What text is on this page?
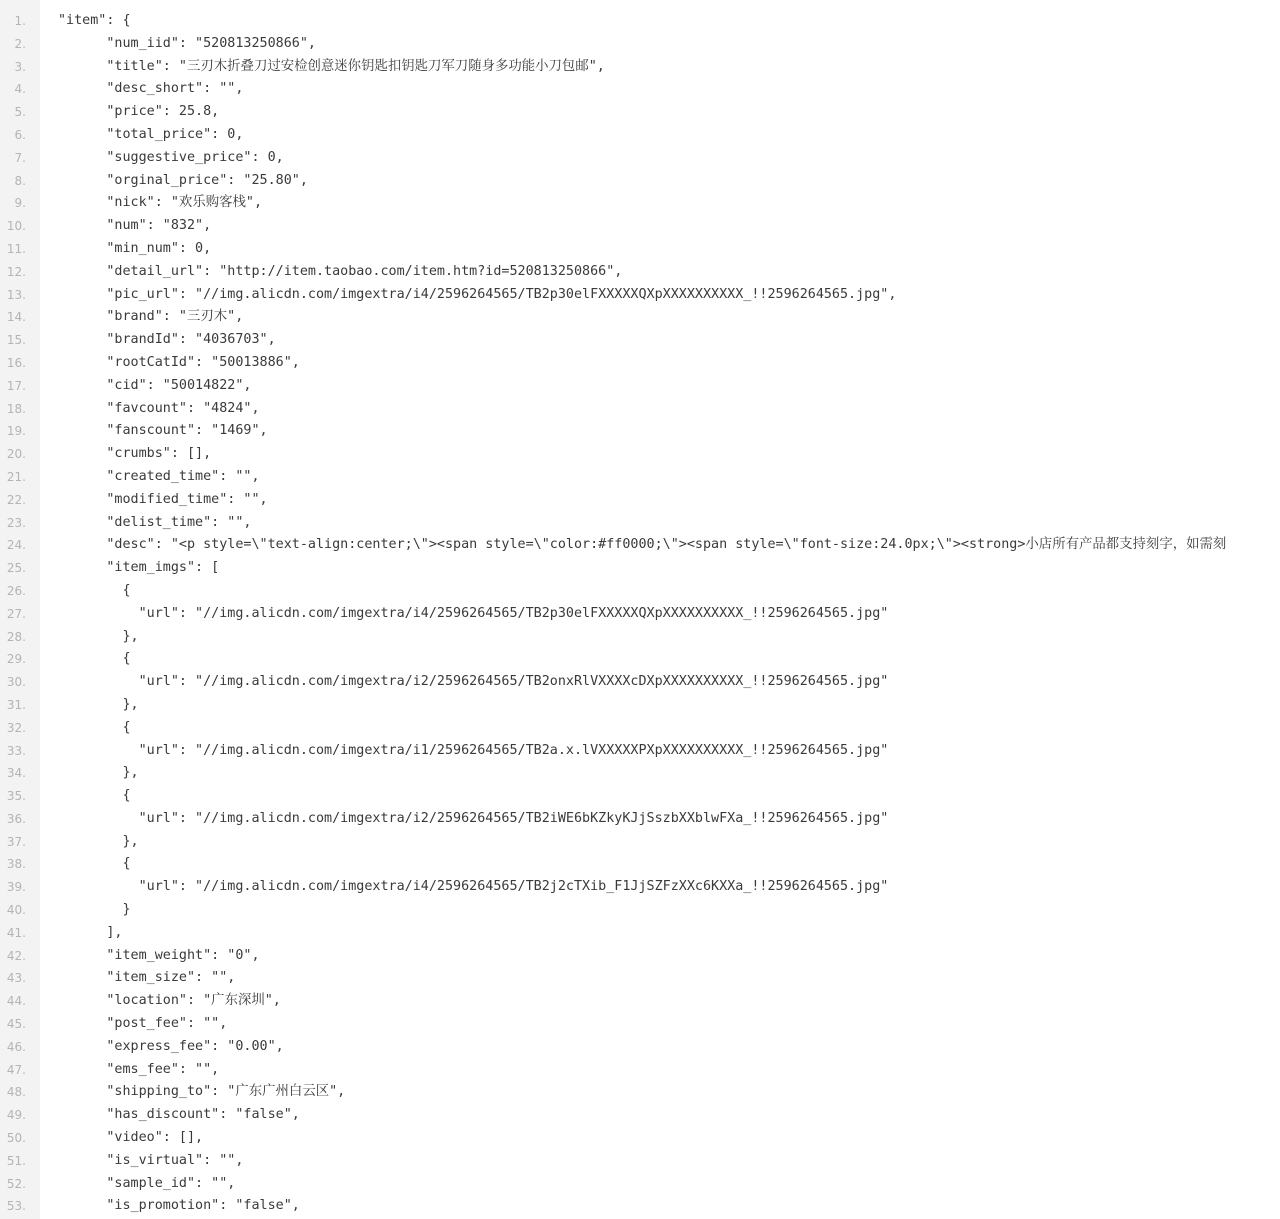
1. "item": {
2. "num_iid": "520813250866",
3. "title": "三刃木折叠刀过安检创意迷你钥匙扣钥匙刀军刀随身多功能小刀包邮",
4. "desc_short": "",
5. "price": 25.8,
6. "total_price": 0,
7. "suggestive_price": 0,
8. "orginal_price": "25.80",
9. "nick": "欢乐购客栈",
10. "num": "832",
11. "min_num": 0,
12. "detail_url": "http://item.taobao.com/item.htm?id=520813250866",
13. "pic_url": "//img.alicdn.com/imgextra/i4/2596264565/TB2p30elFXXXXXQXpXXXXXXXXXX_!!2596264565.jpg",
14. "brand": "三刃木",
15. "brandId": "4036703",
16. "rootCatId": "50013886",
17. "cid": "50014822",
18. "favcount": "4824",
19. "fanscount": "1469",
20. "crumbs": [],
21. "created_time": "",
22. "modified_time": "",
23. "delist_time": "",
24. "desc": "<p style=\"text-align:center;\"><span style=\"color:#ff0000;\"><span style=\"font-size:24.0px;\"><strong>小店所有产品都支持刻字，如需刻
25. "item_imgs": [
26. {
27. "url": "//img.alicdn.com/imgextra/i4/2596264565/TB2p30elFXXXXXQXpXXXXXXXXXX_!!2596264565.jpg"
28. },
29. {
30. "url": "//img.alicdn.com/imgextra/i2/2596264565/TB2onxRlVXXXXcDXpXXXXXXXXXX_!!2596264565.jpg"
31. },
32. {
33. "url": "//img.alicdn.com/imgextra/i1/2596264565/TB2a.x.lVXXXXXPXpXXXXXXXXXX_!!2596264565.jpg"
34. },
35. {
36. "url": "//img.alicdn.com/imgextra/i2/2596264565/TB2iWE6bKZkyKJjSszbXXblwFXa_!!2596264565.jpg"
37. },
38. {
39. "url": "//img.alicdn.com/imgextra/i4/2596264565/TB2j2cTXib_F1JjSZFzXXc6KXXa_!!2596264565.jpg"
40. }
41. ],
42. "item_weight": "0",
43. "item_size": "",
44. "location": "广东深圳",
45. "post_fee": "",
46. "express_fee": "0.00",
47. "ems_fee": "",
48. "shipping_to": "广东广州白云区",
49. "has_discount": "false",
50. "video": [],
51. "is_virtual": "",
52. "sample_id": "",
53. "is_promotion": "false",
